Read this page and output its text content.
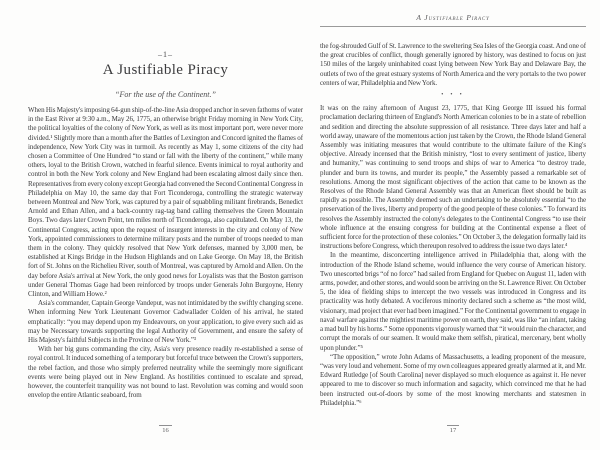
–1–
A Justifiable Piracy
“For the use of the Continent.”

When His Majesty's imposing 64-gun ship-of-the-line Asia dropped anchor in seven fathoms of water in the East River at 9:30 a.m., May 26, 1775, an otherwise bright Friday morning in New York City, the political loyalties of the colony of New York, as well as its most important port, were never more divided.¹ Slightly more than a month after the Battles of Lexington and Concord ignited the flames of independence, New York City was in turmoil. As recently as May 1, some citizens of the city had chosen a Committee of One Hundred “to stand or fall with the liberty of the continent,” while many others, loyal to the British Crown, watched in fearful silence. Events inimical to royal authority and control in both the New York colony and New England had been escalating almost daily since then. Representatives from every colony except Georgia had convened the Second Continental Congress in Philadelphia on May 10, the same day that Fort Ticonderoga, controlling the strategic waterway between Montreal and New York, was captured by a pair of squabbling militant firebrands, Benedict Arnold and Ethan Allen, and a back-country rag-tag band calling themselves the Green Mountain Boys. Two days later Crown Point, ten miles north of Ticonderoga, also capitulated. On May 13, the Continental Congress, acting upon the request of insurgent interests in the city and colony of New York, appointed commissioners to determine military posts and the number of troops needed to man them in the colony. They quickly resolved that New York defenses, manned by 3,000 men, be established at Kings Bridge in the Hudson Highlands and on Lake George. On May 18, the British fort of St. Johns on the Richelieu River, south of Montreal, was captured by Arnold and Allen. On the day before Asia's arrival at New York, the only good news for Loyalists was that the Boston garrison under General Thomas Gage had been reinforced by troops under Generals John Burgoyne, Henry Clinton, and William Howe.²

Asia's commander, Captain George Vandeput, was not intimidated by the swiftly changing scene. When informing New York Lieutenant Governor Cadwallader Colden of his arrival, he stated emphatically: “you may depend upon my Endeavours, on your application, to give every such aid as may be Necessary towards supporting the legal Authority of Government, and ensure the safety of His Majesty's faithful Subjects in the Province of New York.”³

With her big guns commanding the city, Asia's very presence readily re-established a sense of royal control. It induced something of a temporary but forceful truce between the Crown's supporters, the rebel faction, and those who simply preferred neutrality while the seemingly more significant events were being played out in New England. As hostilities continued to escalate and spread, however, the counterfeit tranquility was not bound to last. Revolution was coming and would soon envelop the entire Atlantic seaboard, from

16
A Justifiable Piracy

the fog-shrouded Gulf of St. Lawrence to the sweltering Sea Isles of the Georgia coast. And one of the great crucibles of conflict, though generally ignored by history, was destined to focus on just 150 miles of the largely uninhabited coast lying between New York Bay and Delaware Bay, the outlets of two of the great estuary systems of North America and the very portals to the two power centers of war, Philadelphia and New York.

• • •

It was on the rainy afternoon of August 23, 1775, that King George III issued his formal proclamation declaring thirteen of England's North American colonies to be in a state of rebellion and sedition and directing the absolute suppression of all resistance. Three days later and half a world away, unaware of the momentous action just taken by the Crown, the Rhode Island General Assembly was initiating measures that would contribute to the ultimate failure of the King's objective. Already incensed that the British ministry, “lost to every sentiment of justice, liberty and humanity,” was continuing to send troops and ships of war to America “to destroy trade, plunder and burn its towns, and murder its people,” the Assembly passed a remarkable set of resolutions. Among the most significant objectives of the action that came to be known as the Resolves of the Rhode Island General Assembly was that an American fleet should be built as rapidly as possible. The Assembly deemed such an undertaking to be absolutely essential “to the preservation of the lives, liberty and property of the good people of these colonies.” To forward its resolves the Assembly instructed the colony's delegates to the Continental Congress “to use their whole influence at the ensuing congress for building at the Continental expense a fleet of sufficient force for the protection of these colonies.” On October 3, the delegation formally laid its instructions before Congress, which thereupon resolved to address the issue two days later.⁴

In the meantime, disconcerting intelligence arrived in Philadelphia that, along with the introduction of the Rhode Island scheme, would influence the very course of American history. Two unescorted brigs “of no force” had sailed from England for Quebec on August 11, laden with arms, powder, and other stores, and would soon be arriving on the St. Lawrence River. On October 5, the idea of fielding ships to intercept the two vessels was introduced in Congress and its practicality was hotly debated. A vociferous minority declared such a scheme as “the most wild, visionary, mad project that ever had been imagined.” For the Continental government to engage in naval warfare against the mightiest maritime power on earth, they said, was like “an infant, taking a mad bull by his horns.” Some opponents vigorously warned that “it would ruin the character, and corrupt the morals of our seamen. It would make them selfish, piratical, mercenary, bent wholly upon plunder.”⁵

“The opposition,” wrote John Adams of Massachusetts, a leading proponent of the measure, “was very loud and vehement. Some of my own colleagues appeared greatly alarmed at it, and Mr. Edward Rutledge [of South Carolina] never displayed so much eloquence as against it. He never appeared to me to discover so much information and sagacity, which convinced me that he had been instructed out-of-doors by some of the most knowing merchants and statesmen in Philadelphia.”⁶

17
